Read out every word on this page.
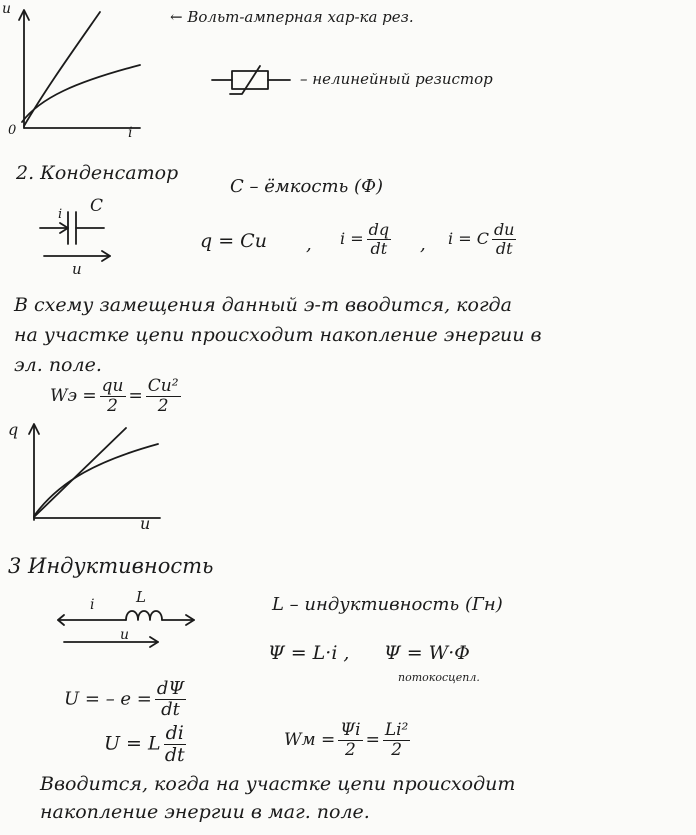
u
i
0
← Вольт-амперная хар-ка рез.
– нелинейный резистор
2. Конденсатор
C – ёмкость (Ф)
i C
u
q = Cu , $i = \frac{dq}{dt}$ , i = C $\frac{du}{dt}$
В схему замещения данный э-т вводится, когда
на участке цепи происходит накопление энергии в
эл. поле.
Wэ = $\frac{qu}{2} = \frac{\text{Cu²}}{2}$
q
u
3 Индуктивность
i	L
u
L – индуктивность (Гн)
Ψ = L·i , Ψ = W·Φ
потокосцепл.
U = – $e = \frac{d\Psi}{dt}$
U = L $\frac{di}{dt}$	Wм = $\frac{\Psi i}{2} = \frac{\text{Li²}}{2}$
Вводится, когда на участке цепи происходит
накопление энергии в маг. поле.
